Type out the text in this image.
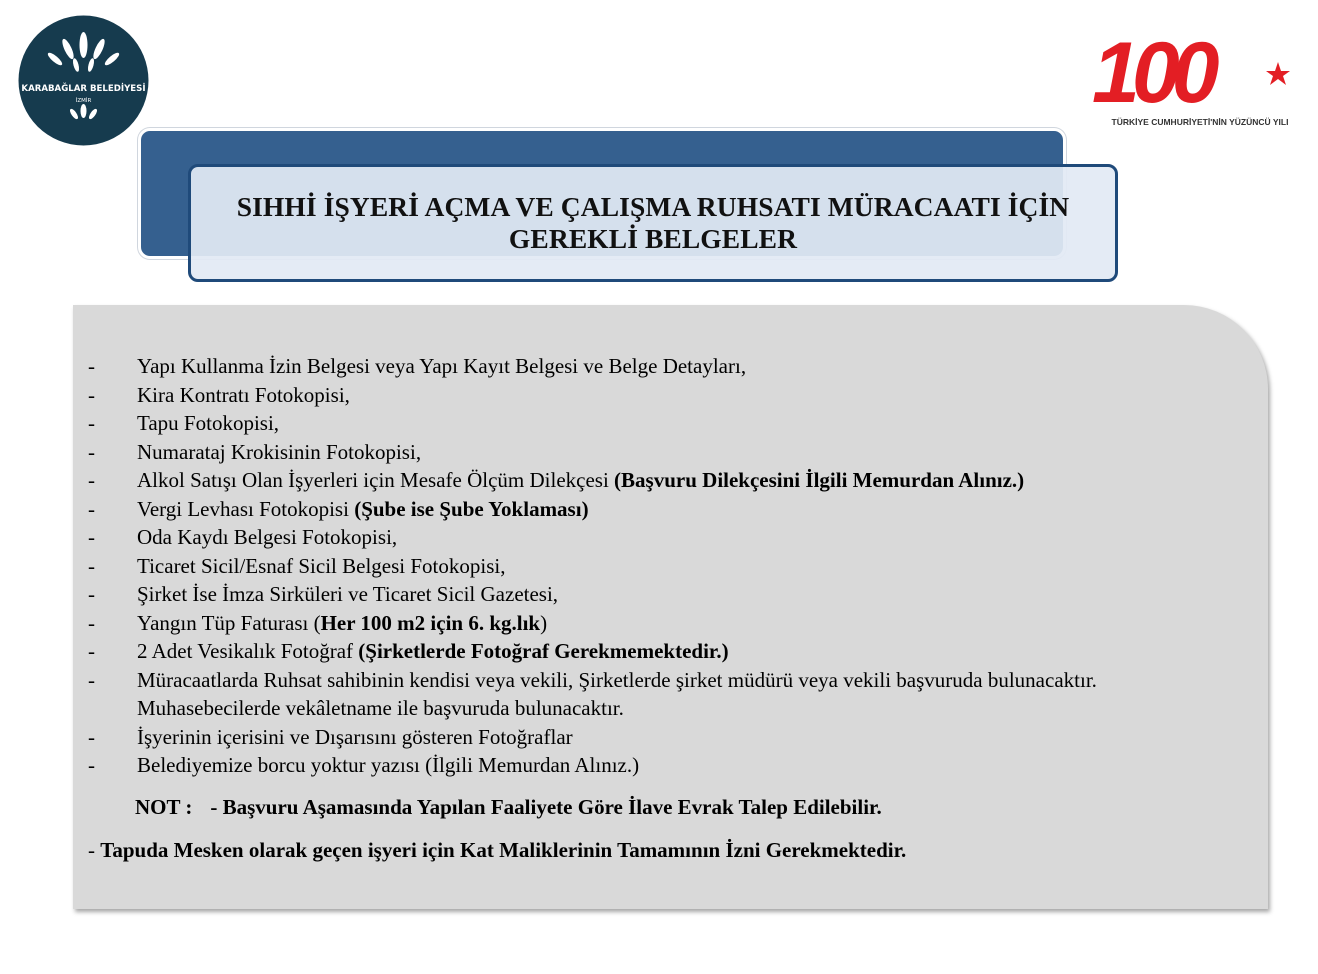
KARABAĞLAR BELEDİYESİ
İZMİR	100
TÜRKİYE CUMHURİYETİ'NİN YÜZÜNCÜ YILI
SIHHİ İŞYERİ AÇMA VE ÇALIŞMA RUHSATI MÜRACAATI İÇİN
GEREKLİ BELGELER
-	Yapı Kullanma İzin Belgesi veya Yapı Kayıt Belgesi ve Belge Detayları,
-	Kira Kontratı Fotokopisi,
-	Tapu Fotokopisi,
-	Numarataj Krokisinin Fotokopisi,
-	Alkol Satışı Olan İşyerleri için Mesafe Ölçüm Dilekçesi (Başvuru Dilekçesini İlgili Memurdan Alınız.)
-	Vergi Levhası Fotokopisi (Şube ise Şube Yoklaması)
-	Oda Kaydı Belgesi Fotokopisi,
-	Ticaret Sicil/Esnaf Sicil Belgesi Fotokopisi,
-	Şirket İse İmza Sirküleri ve Ticaret Sicil Gazetesi,
-	Yangın Tüp Faturası (Her 100 m2 için 6. kg.lık)
-	2 Adet Vesikalık Fotoğraf (Şirketlerde Fotoğraf Gerekmemektedir.)
-	Müracaatlarda Ruhsat sahibinin kendisi veya vekili, Şirketlerde şirket müdürü veya vekili başvuruda bulunacaktır.
Muhasebecilerde vekâletname ile başvuruda bulunacaktır.
-	İşyerinin içerisini ve Dışarısını gösteren Fotoğraflar
-	Belediyemize borcu yoktur yazısı (İlgili Memurdan Alınız.)
NOT : - Başvuru Aşamasında Yapılan Faaliyete Göre İlave Evrak Talep Edilebilir.
- Tapuda Mesken olarak geçen işyeri için Kat Maliklerinin Tamamının İzni Gerekmektedir.
